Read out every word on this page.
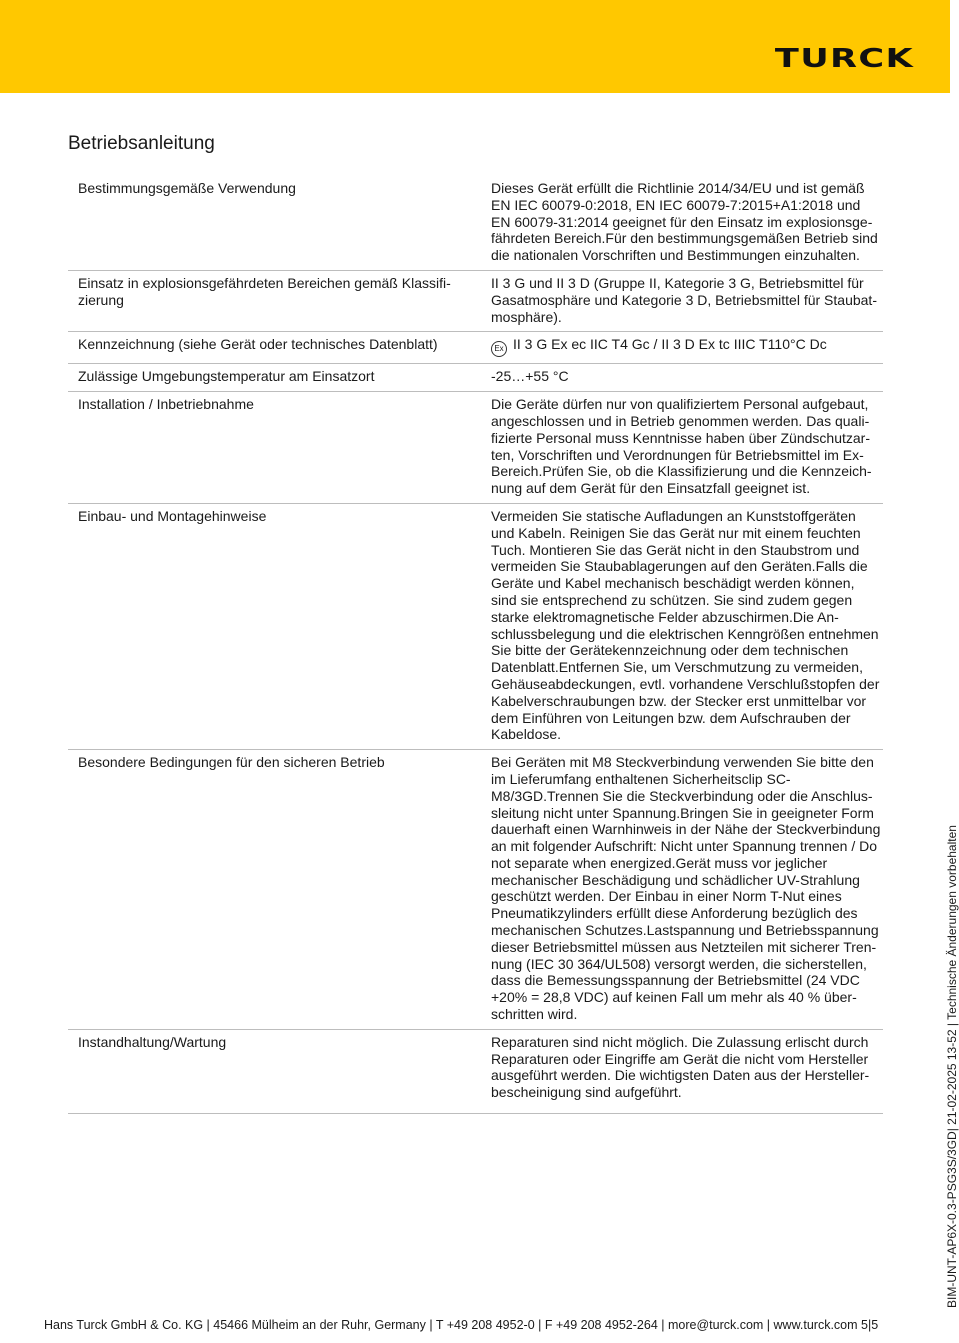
TURCK
Betriebsanleitung
Bestimmungsgemäße Verwendung	Dieses Gerät erfüllt die Richtlinie 2014/34/EU und ist gemäß EN IEC 60079-0:2018, EN IEC 60079-7:2015+A1:2018 und EN 60079-31:2014 geeignet für den Einsatz im explosionsgefährdeten Bereich.Für den bestimmungsgemäßen Betrieb sind die nationalen Vorschriften und Bestimmungen einzuhalten.
Einsatz in explosionsgefährdeten Bereichen gemäß Klassifizierung	II 3 G und II 3 D (Gruppe II, Kategorie 3 G, Betriebsmittel für Gasatmosphäre und Kategorie 3 D, Betriebsmittel für Staubatmosphäre).
Kennzeichnung (siehe Gerät oder technisches Datenblatt)	Ex II 3 G Ex ec IIC T4 Gc / II 3 D Ex tc IIIC T110°C Dc
Zulässige Umgebungstemperatur am Einsatzort	-25…+55 °C
Installation / Inbetriebnahme	Die Geräte dürfen nur von qualifiziertem Personal aufgebaut, angeschlossen und in Betrieb genommen werden. Das qualifizierte Personal muss Kenntnisse haben über Zündschutzarten, Vorschriften und Verordnungen für Betriebsmittel im Ex-Bereich.Prüfen Sie, ob die Klassifizierung und die Kennzeichnung auf dem Gerät für den Einsatzfall geeignet ist.
Einbau- und Montagehinweise	Vermeiden Sie statische Aufladungen an Kunststoffgeräten und Kabeln. Reinigen Sie das Gerät nur mit einem feuchten Tuch. Montieren Sie das Gerät nicht in den Staubstrom und vermeiden Sie Staubablagerungen auf den Geräten.Falls die Geräte und Kabel mechanisch beschädigt werden können, sind sie entsprechend zu schützen. Sie sind zudem gegen starke elektromagnetische Felder abzuschirmen.Die Anschlussbelegung und die elektrischen Kenngrößen entnehmen Sie bitte der Gerätekennzeichnung oder dem technischen Datenblatt.Entfernen Sie, um Verschmutzung zu vermeiden, Gehäuseabdeckungen, evtl. vorhandene Verschlußstopfen der Kabelverschraubungen bzw. der Stecker erst unmittelbar vor dem Einführen von Leitungen bzw. dem Aufschrauben der Kabeldose.
Besondere Bedingungen für den sicheren Betrieb	Bei Geräten mit M8 Steckverbindung verwenden Sie bitte den im Lieferumfang enthaltenen Sicherheitsclip SC-M8/3GD.Trennen Sie die Steckverbindung oder die Anschlussleitung nicht unter Spannung.Bringen Sie in geeigneter Form dauerhaft einen Warnhinweis in der Nähe der Steckverbindung an mit folgender Aufschrift: Nicht unter Spannung trennen / Do not separate when energized.Gerät muss vor jeglicher mechanischer Beschädigung und schädlicher UV-Strahlung geschützt werden. Der Einbau in einer Norm T-Nut eines Pneumatikzylinders erfüllt diese Anforderung bezüglich des mechanischen Schutzes.Lastspannung und Betriebsspannung dieser Betriebsmittel müssen aus Netzteilen mit sicherer Trennung (IEC 30 364/UL508) versorgt werden, die sicherstellen, dass die Bemessungsspannung der Betriebsmittel (24 VDC +20% = 28,8 VDC) auf keinen Fall um mehr als 40 % überschritten wird.
Instandhaltung/Wartung	Reparaturen sind nicht möglich. Die Zulassung erlischt durch Reparaturen oder Eingriffe am Gerät die nicht vom Hersteller ausgeführt werden. Die wichtigsten Daten aus der Herstellerbescheinigung sind aufgeführt.	BIM-UNT-AP6X-0.3-PSG3S/3GD| 21-02-2025 13-52 | Technische Änderungen vorbehalten
Hans Turck GmbH & Co. KG | 45466 Mülheim an der Ruhr, Germany | T +49 208 4952-0 | F +49 208 4952-264 | more@turck.com | www.turck.com 5|5
